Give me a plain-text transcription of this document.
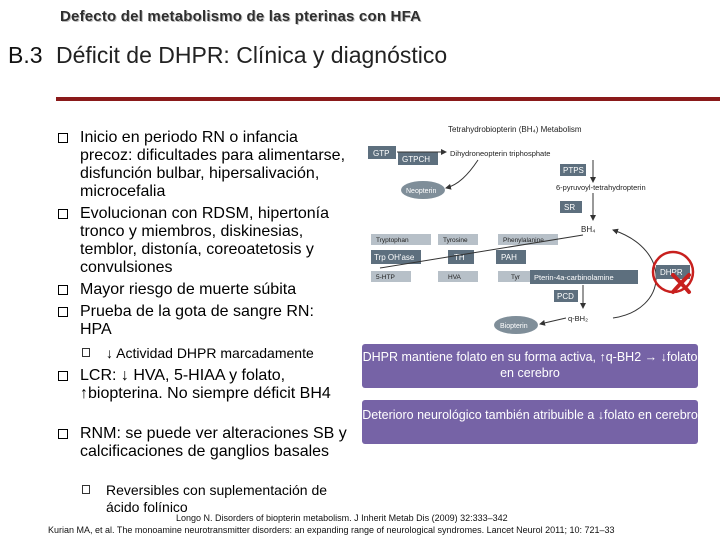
Defecto del metabolismo de las pterinas con HFA
B.3 Déficit de DHPR: Clínica y diagnóstico
Inicio en periodo RN o infancia precoz: dificultades para alimentarse, disfunción bulbar, hipersalivación, microcefalia
Evolucionan con RDSM, hipertonía tronco y miembros, diskinesias, temblor, distonía, coreoatetosis y convulsiones
Mayor riesgo de muerte súbita
Prueba de la gota de sangre RN: HPA
↓ Actividad DHPR marcadamente
LCR: ↓ HVA, 5-HIAA y folato, ↑biopterina. No siempre déficit BH4
RNM: se puede ver alteraciones SB y calcificaciones de ganglios basales
Reversibles con suplementación de ácido folínico
Tetrahydrobiopterin (BH₄) Metabolism
GTP
GTPCH
Dihydroneopterin triphosphate
Neopterin
PTPS
6-pyruvoyl-tetrahydropterin
SR
BH₄
Tryptophan	Tyrosine	Phenylalanine
Trp OH'ase	TH	PAH
5-HTP	HVA	Tyr Pterin-4a-carbinolamine
PCD
q-BH₂
Biopterin
DHPR
DHPR mantiene folato en su forma activa, ↑q-BH2 → ↓folato en cerebro
Deterioro neurológico también atribuible a ↓folato en cerebro
Longo N. Disorders of biopterin metabolism. J Inherit Metab Dis (2009) 32:333–342
Kurian MA, et al. The monoamine neurotransmitter disorders: an expanding range of neurological syndromes. Lancet Neurol 2011; 10: 721–33
